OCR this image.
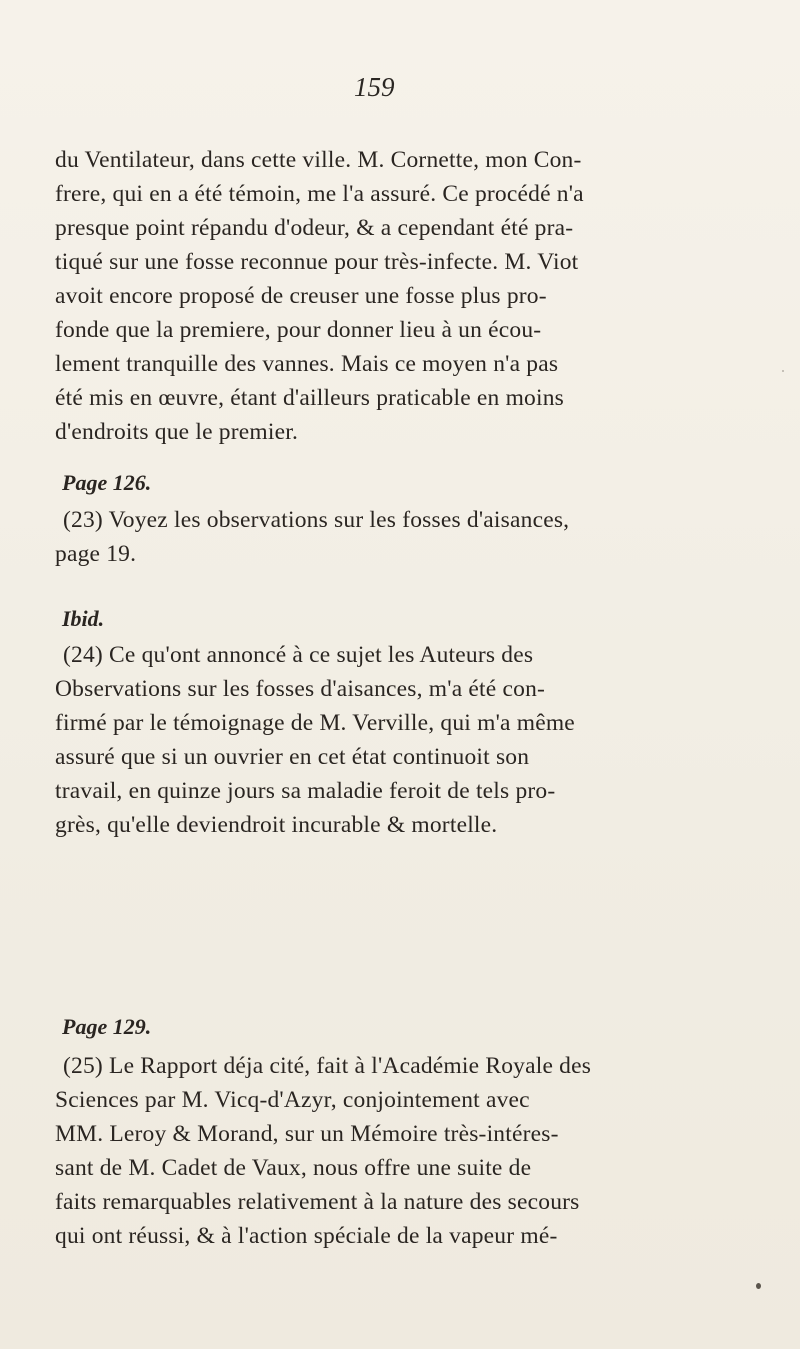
159
du Ventilateur, dans cette ville. M. Cornette, mon Con-
frere, qui en a été témoin, me l'a assuré. Ce procédé n'a
presque point répandu d'odeur, & a cependant été pra-
tiqué sur une fosse reconnue pour très-infecte. M. Viot
avoit encore proposé de creuser une fosse plus pro-
fonde que la premiere, pour donner lieu à un écou-
lement tranquille des vannes. Mais ce moyen n'a pas
été mis en œuvre, étant d'ailleurs praticable en moins
d'endroits que le premier.
Page 126.
(23) Voyez les observations sur les fosses d'aisances,
page 19.
Ibid.
(24) Ce qu'ont annoncé à ce sujet les Auteurs des
Observations sur les fosses d'aisances, m'a été con-
firmé par le témoignage de M. Verville, qui m'a même
assuré que si un ouvrier en cet état continuoit son
travail, en quinze jours sa maladie feroit de tels pro-
grès, qu'elle deviendroit incurable & mortelle.
Page 129.
(25) Le Rapport déja cité, fait à l'Académie Royale des
Sciences par M. Vicq-d'Azyr, conjointement avec
MM. Leroy & Morand, sur un Mémoire très-intéres-
sant de M. Cadet de Vaux, nous offre une suite de
faits remarquables relativement à la nature des secours
qui ont réussi, & à l'action spéciale de la vapeur mé-
